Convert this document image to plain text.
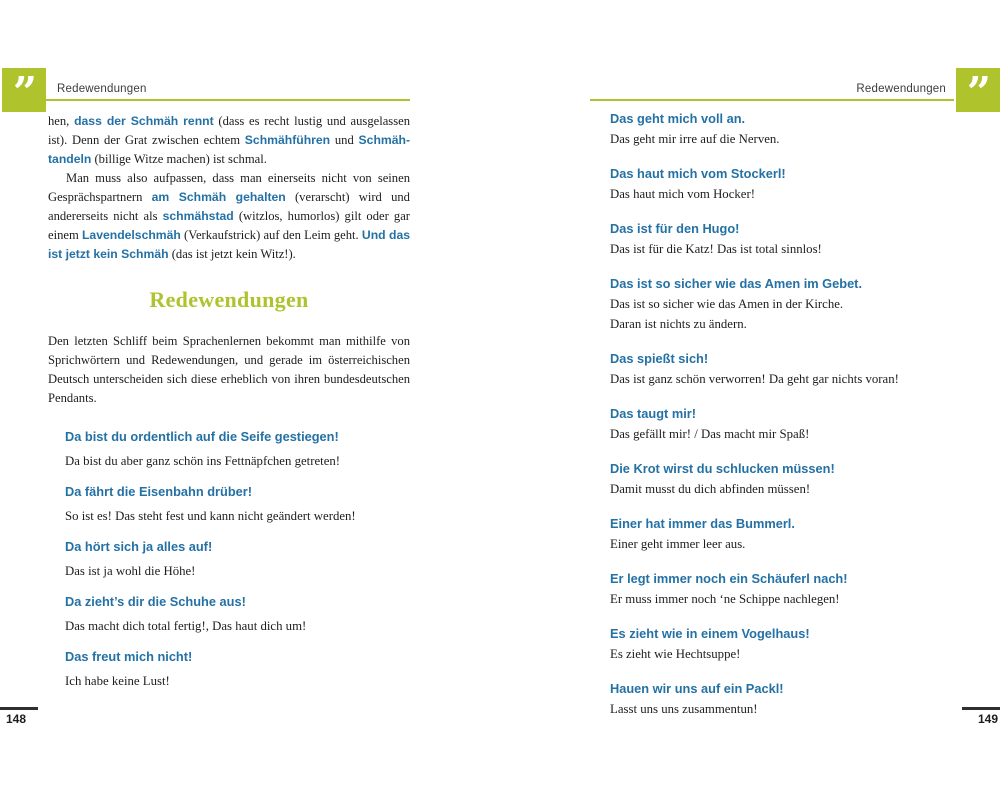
”	Redewendungen	Redewendungen ”

hen, dass der Schmäh rennt (dass es recht lustig und ausgelassen ist). Denn der Grat zwischen echtem Schmähführen und Schmähtandeln (billige Witze machen) ist schmal.

Man muss also aufpassen, dass man einerseits nicht von seinen Gesprächspartnern am Schmäh gehalten (verarscht) wird und andererseits nicht als schmähstad (witzlos, humorlos) gilt oder gar einem Lavendelschmäh (Verkaufstrick) auf den Leim geht. Und das ist jetzt kein Schmäh (das ist jetzt kein Witz!).

Redewendungen

Den letzten Schliff beim Sprachenlernen bekommt man mithilfe von Sprichwörtern und Redewendungen, und gerade im österreichischen Deutsch unterscheiden sich diese erheblich von ihren bundesdeutschen Pendants.

Da bist du ordentlich auf die Seife gestiegen!
Da bist du aber ganz schön ins Fettnäpfchen getreten!
Da fährt die Eisenbahn drüber!
So ist es! Das steht fest und kann nicht geändert werden!
Da hört sich ja alles auf!
Das ist ja wohl die Höhe!
Da zieht’s dir die Schuhe aus!
Das macht dich total fertig!, Das haut dich um!
Das freut mich nicht!
Ich habe keine Lust!
Das geht mich voll an.
Das geht mir irre auf die Nerven.
Das haut mich vom Stockerl!
Das haut mich vom Hocker!
Das ist für den Hugo!
Das ist für die Katz! Das ist total sinnlos!
Das ist so sicher wie das Amen im Gebet.
Das ist so sicher wie das Amen in der Kirche.
Daran ist nichts zu ändern.
Das spießt sich!
Das ist ganz schön verworren! Da geht gar nichts voran!
Das taugt mir!
Das gefällt mir! / Das macht mir Spaß!
Die Krot wirst du schlucken müssen!
Damit musst du dich abfinden müssen!
Einer hat immer das Bummerl.
Einer geht immer leer aus.
Er legt immer noch ein Schäuferl nach!
Er muss immer noch ‘ne Schippe nachlegen!
Es zieht wie in einem Vogelhaus!
Es zieht wie Hechtsuppe!
Hauen wir uns auf ein Packl!
Lasst uns uns zusammentun!
148	149
